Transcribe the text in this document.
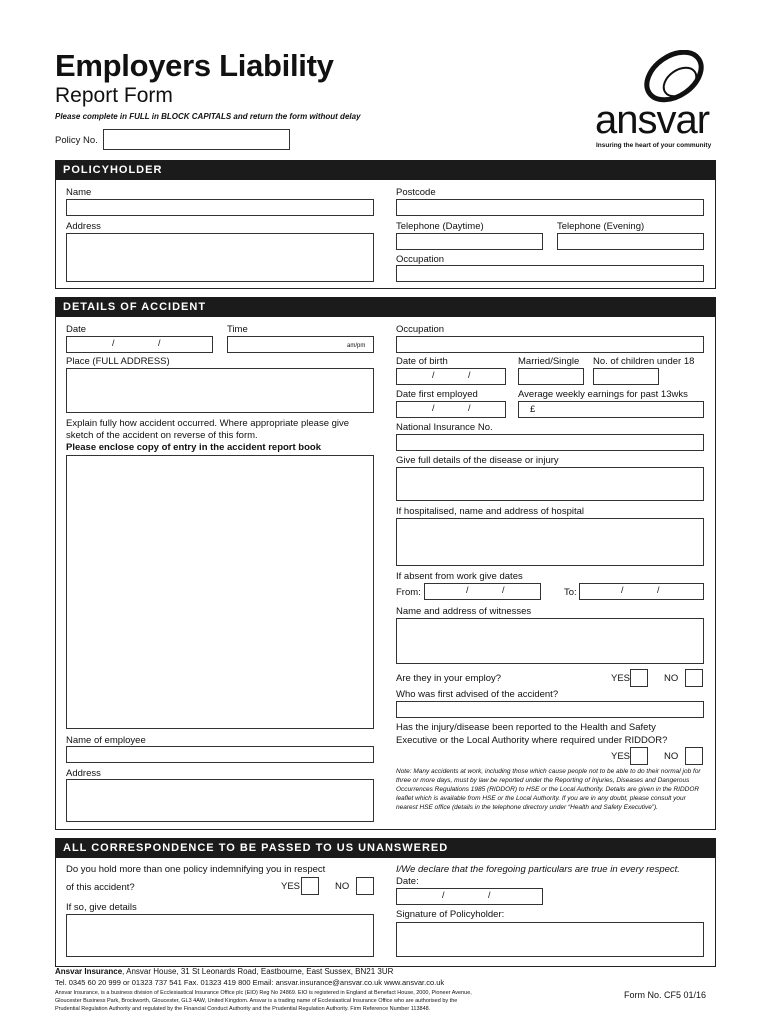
Employers Liability
Report Form
Please complete in FULL in BLOCK CAPITALS and return the form without delay
Policy No.	ansvar
Insuring the heart of your community
POLICYHOLDER
Name
Address
Postcode
Telephone (Daytime)	Telephone (Evening)
Occupation
DETAILS OF ACCIDENT
Date
/	/
Time
am/pm
Place (FULL ADDRESS)
Explain fully how accident occurred. Where appropriate please give
sketch of the accident on reverse of this form.
Please enclose copy of entry in the accident report book
Name of employee
Address
Occupation
Date of birth
/	/
Married/Single No. of children under 18
Date first employed
/	/
Average weekly earnings for past 13wks
£
National Insurance No.
Give full details of the disease or injury
If hospitalised, name and address of hospital
If absent from work give dates
From:	/	/	To:	/	/
Name and address of witnesses
Are they in your employ?	YES	NO
Who was first advised of the accident?
Has the injury/disease been reported to the Health and Safety
Executive or the Local Authority where required under RIDDOR?
YES	NO
Note: Many accidents at work, including those which cause people not to be able to do their normal job for three or more days, must by law be reported under the Reporting of Injuries, Diseases and Dangerous Occurrences Regulations 1985 (RIDDOR) to HSE or the Local Authority. Details are given in the RIDDOR leaflet which is available from HSE or the Local Authority. If you are in any doubt, please consult your nearest HSE office (details in the telephone directory under “Health and Safety Executive”).
ALL CORRESPONDENCE TO BE PASSED TO US UNANSWERED
Do you hold more than one policy indemnifying you in respect
of this accident?	YES	NO
If so, give details
I/We declare that the foregoing particulars are true in every respect.
Date:
/	/
Signature of Policyholder:
Ansvar Insurance, Ansvar House, 31 St Leonards Road, Eastbourne, East Sussex, BN21 3UR
Tel. 0345 60 20 999 or 01323 737 541 Fax. 01323 419 800 Email: ansvar.insurance@ansvar.co.uk www.ansvar.co.uk
Ansvar Insurance, is a business division of Ecclesiastical Insurance Office plc (EIO) Reg No 24869. EIO is registered in England at Benefact House, 2000, Pioneer Avenue,
Gloucester Business Park, Brockworth, Gloucester, GL3 4AW, United Kingdom. Ansvar is a trading name of Ecclesiastical Insurance Office who are authorised by the
Prudential Regulation Authority and regulated by the Financial Conduct Authority and the Prudential Regulation Authority. Firm Reference Number 113848.
Form No. CF5 01/16
